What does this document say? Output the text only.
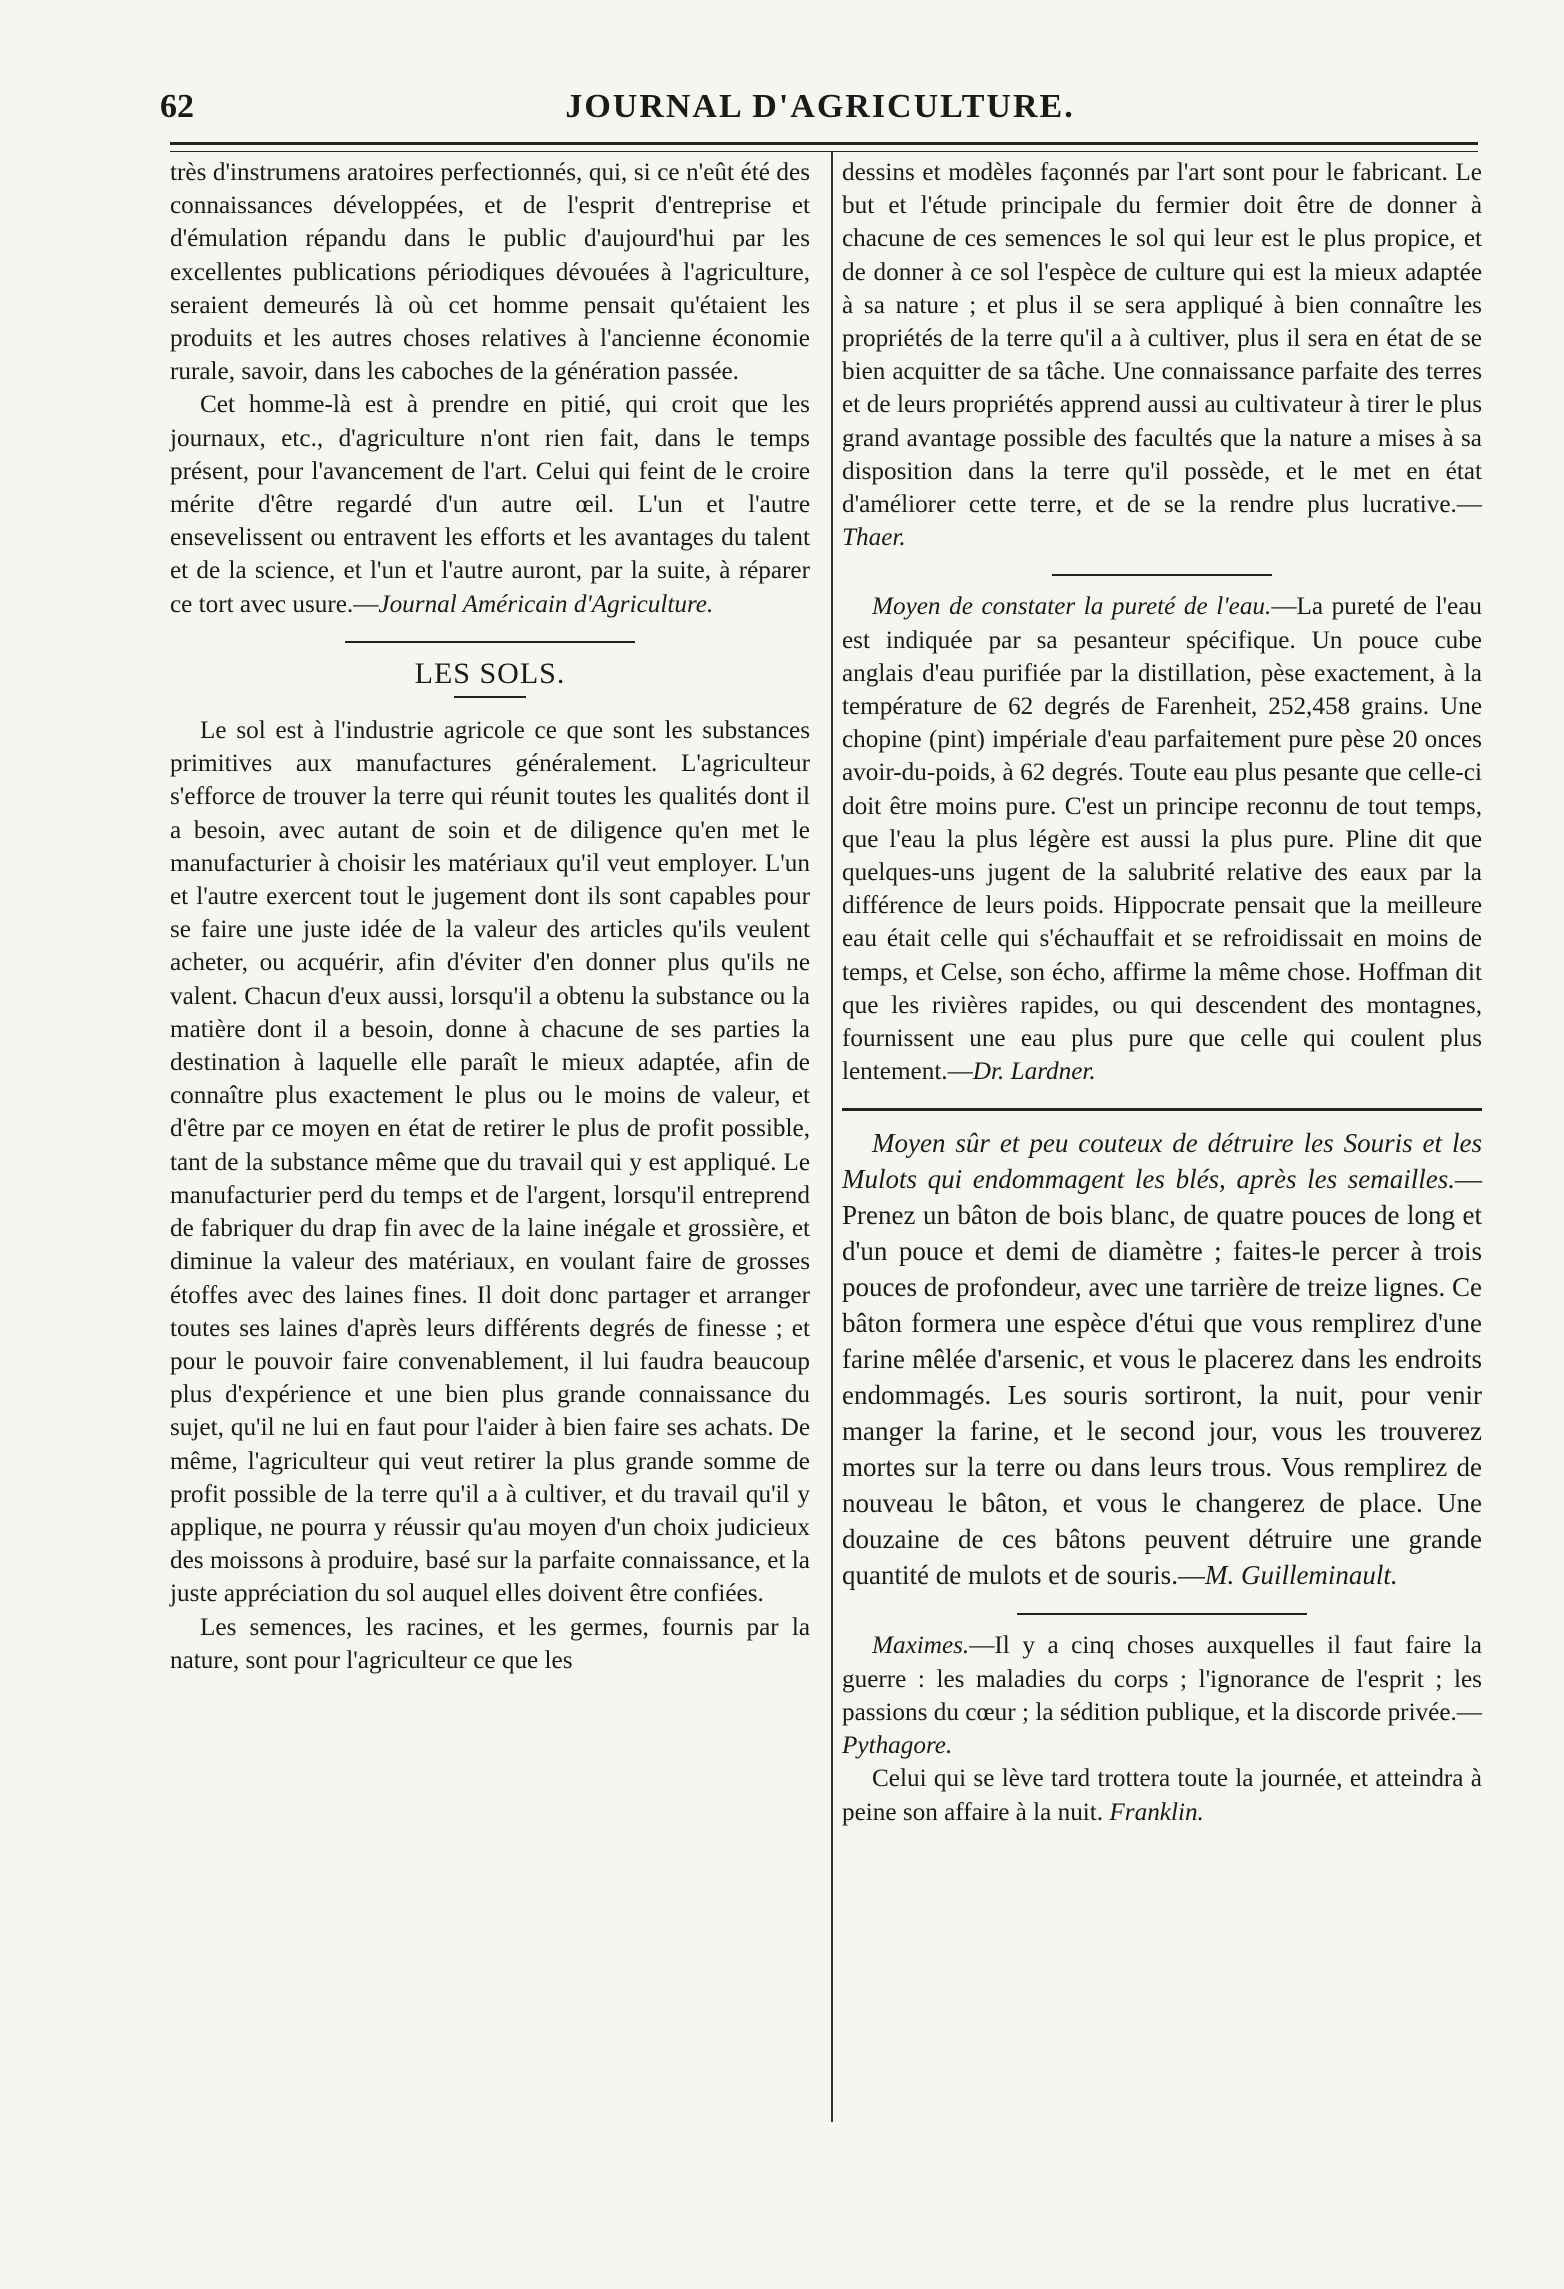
62	JOURNAL D'AGRICULTURE.

très d'instrumens aratoires perfectionnés, qui, si ce n'eût été des connaissances développées, et de l'esprit d'entreprise et d'émulation répandu dans le public d'aujourd'hui par les excellentes publications périodiques dévouées à l'agriculture, seraient demeurés là où cet homme pensait qu'étaient les produits et les autres choses relatives à l'ancienne économie rurale, savoir, dans les caboches de la génération passée.

Cet homme-là est à prendre en pitié, qui croit que les journaux, etc., d'agriculture n'ont rien fait, dans le temps présent, pour l'avancement de l'art. Celui qui feint de le croire mérite d'être regardé d'un autre œil. L'un et l'autre ensevelissent ou entravent les efforts et les avantages du talent et de la science, et l'un et l'autre auront, par la suite, à réparer ce tort avec usure.—Journal Américain d'Agriculture.

LES SOLS.

Le sol est à l'industrie agricole ce que sont les substances primitives aux manufactures généralement. L'agriculteur s'efforce de trouver la terre qui réunit toutes les qualités dont il a besoin, avec autant de soin et de diligence qu'en met le manufacturier à choisir les matériaux qu'il veut employer. L'un et l'autre exercent tout le jugement dont ils sont capables pour se faire une juste idée de la valeur des articles qu'ils veulent acheter, ou acquérir, afin d'éviter d'en donner plus qu'ils ne valent. Chacun d'eux aussi, lorsqu'il a obtenu la substance ou la matière dont il a besoin, donne à chacune de ses parties la destination à laquelle elle paraît le mieux adaptée, afin de connaître plus exactement le plus ou le moins de valeur, et d'être par ce moyen en état de retirer le plus de profit possible, tant de la substance même que du travail qui y est appliqué. Le manufacturier perd du temps et de l'argent, lorsqu'il entreprend de fabriquer du drap fin avec de la laine inégale et grossière, et diminue la valeur des matériaux, en voulant faire de grosses étoffes avec des laines fines. Il doit donc partager et arranger toutes ses laines d'après leurs différents degrés de finesse ; et pour le pouvoir faire convenablement, il lui faudra beaucoup plus d'expérience et une bien plus grande connaissance du sujet, qu'il ne lui en faut pour l'aider à bien faire ses achats. De même, l'agriculteur qui veut retirer la plus grande somme de profit possible de la terre qu'il a à cultiver, et du travail qu'il y applique, ne pourra y réussir qu'au moyen d'un choix judicieux des moissons à produire, basé sur la parfaite connaissance, et la juste appréciation du sol auquel elles doivent être confiées.

Les semences, les racines, et les germes, fournis par la nature, sont pour l'agriculteur ce que les

dessins et modèles façonnés par l'art sont pour le fabricant. Le but et l'étude principale du fermier doit être de donner à chacune de ces semences le sol qui leur est le plus propice, et de donner à ce sol l'espèce de culture qui est la mieux adaptée à sa nature ; et plus il se sera appliqué à bien connaître les propriétés de la terre qu'il a à cultiver, plus il sera en état de se bien acquitter de sa tâche. Une connaissance parfaite des terres et de leurs propriétés apprend aussi au cultivateur à tirer le plus grand avantage possible des facultés que la nature a mises à sa disposition dans la terre qu'il possède, et le met en état d'améliorer cette terre, et de se la rendre plus lucrative.—Thaer.

Moyen de constater la pureté de l'eau.—La pureté de l'eau est indiquée par sa pesanteur spécifique. Un pouce cube anglais d'eau purifiée par la distillation, pèse exactement, à la température de 62 degrés de Farenheit, 252,458 grains. Une chopine (pint) impériale d'eau parfaitement pure pèse 20 onces avoir-du-poids, à 62 degrés. Toute eau plus pesante que celle-ci doit être moins pure. C'est un principe reconnu de tout temps, que l'eau la plus légère est aussi la plus pure. Pline dit que quelques-uns jugent de la salubrité relative des eaux par la différence de leurs poids. Hippocrate pensait que la meilleure eau était celle qui s'échauffait et se refroidissait en moins de temps, et Celse, son écho, affirme la même chose. Hoffman dit que les rivières rapides, ou qui descendent des montagnes, fournissent une eau plus pure que celle qui coulent plus lentement.—Dr. Lardner.

Moyen sûr et peu couteux de détruire les Souris et les Mulots qui endommagent les blés, après les semailles.—Prenez un bâton de bois blanc, de quatre pouces de long et d'un pouce et demi de diamètre ; faites-le percer à trois pouces de profondeur, avec une tarrière de treize lignes. Ce bâton formera une espèce d'étui que vous remplirez d'une farine mêlée d'arsenic, et vous le placerez dans les endroits endommagés. Les souris sortiront, la nuit, pour venir manger la farine, et le second jour, vous les trouverez mortes sur la terre ou dans leurs trous. Vous remplirez de nouveau le bâton, et vous le changerez de place. Une douzaine de ces bâtons peuvent détruire une grande quantité de mulots et de souris.—M. Guilleminault.

Maximes.—Il y a cinq choses auxquelles il faut faire la guerre : les maladies du corps ; l'ignorance de l'esprit ; les passions du cœur ; la sédition publique, et la discorde privée.—Pythagore.

Celui qui se lève tard trottera toute la journée, et atteindra à peine son affaire à la nuit. Franklin.
